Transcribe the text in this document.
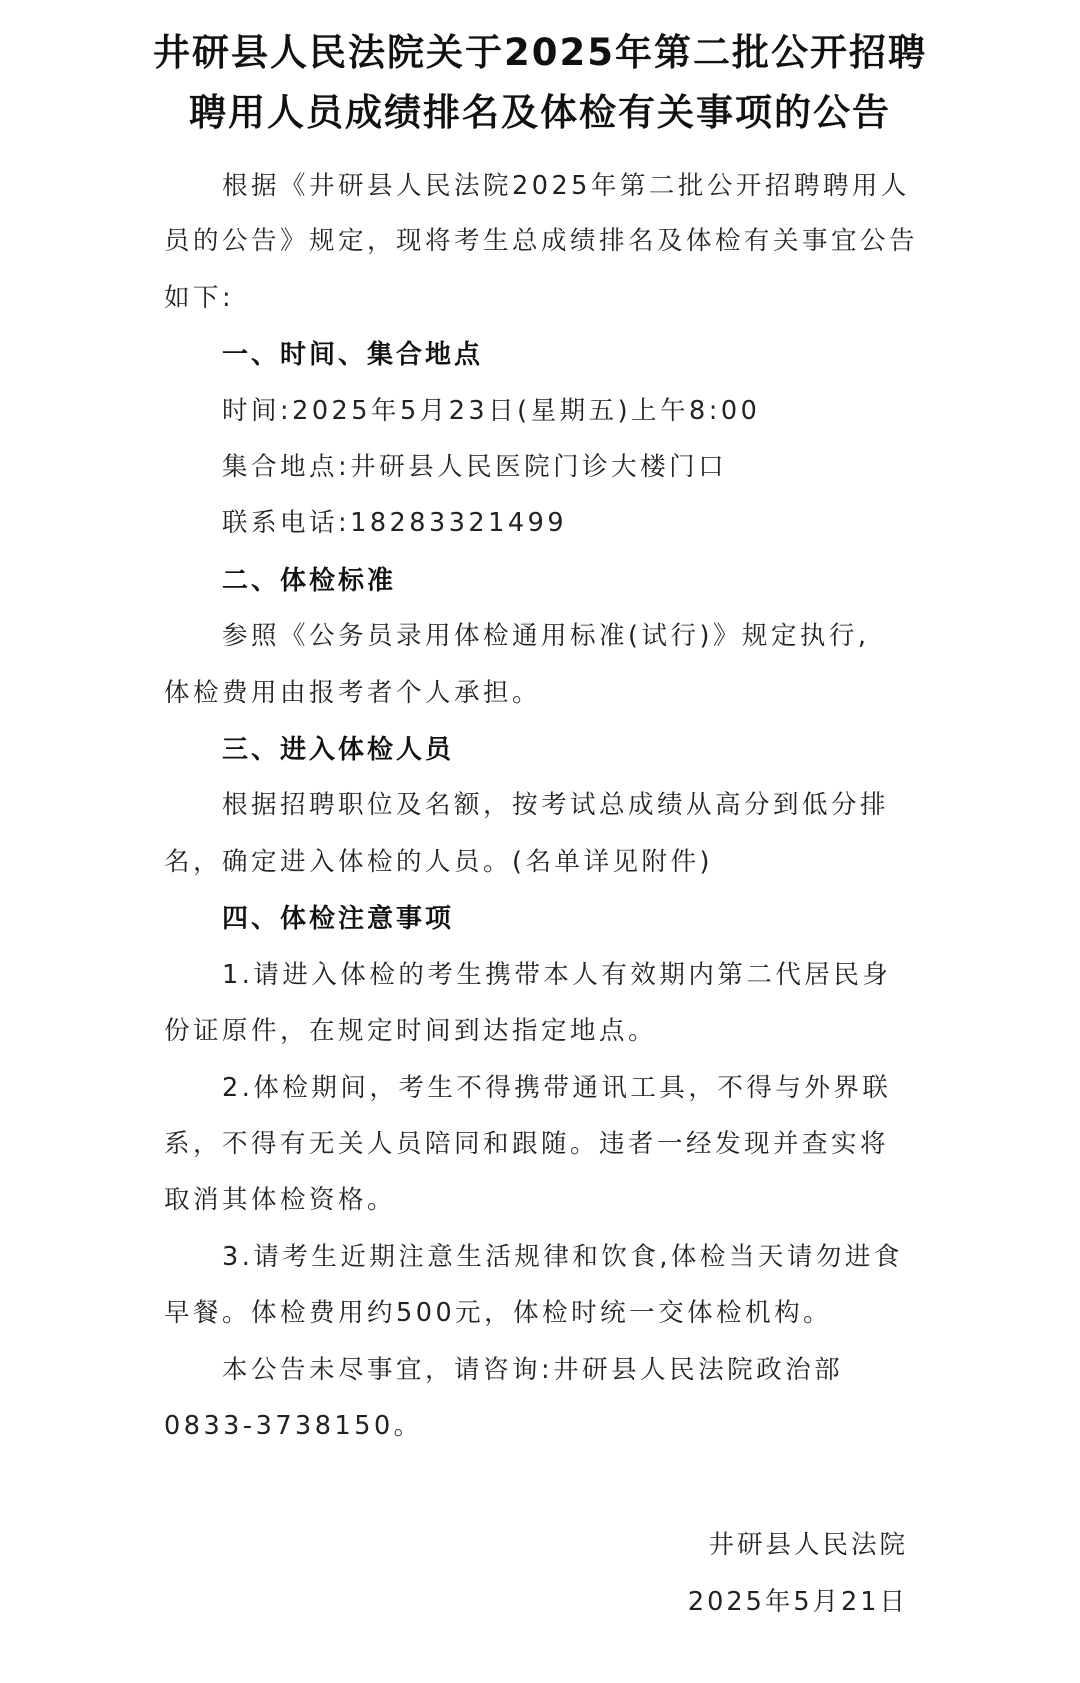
井研县人民法院关于2025年第二批公开招聘
聘用人员成绩排名及体检有关事项的公告
根据《井研县人民法院2025年第二批公开招聘聘用人
员的公告》规定，现将考生总成绩排名及体检有关事宜公告
如下:
一、时间、集合地点
时间:2025年5月23日(星期五)上午8:00
集合地点:井研县人民医院门诊大楼门口
联系电话:18283321499
二、体检标准
参照《公务员录用体检通用标准(试行)》规定执行,
体检费用由报考者个人承担。
三、进入体检人员
根据招聘职位及名额，按考试总成绩从高分到低分排
名，确定进入体检的人员。(名单详见附件)
四、体检注意事项
1.请进入体检的考生携带本人有效期内第二代居民身
份证原件，在规定时间到达指定地点。
2.体检期间，考生不得携带通讯工具，不得与外界联
系，不得有无关人员陪同和跟随。违者一经发现并查实将
取消其体检资格。
3.请考生近期注意生活规律和饮食,体检当天请勿进食
早餐。体检费用约500元，体检时统一交体检机构。
本公告未尽事宜，请咨询:井研县人民法院政治部
0833-3738150。
井研县人民法院
2025年5月21日
